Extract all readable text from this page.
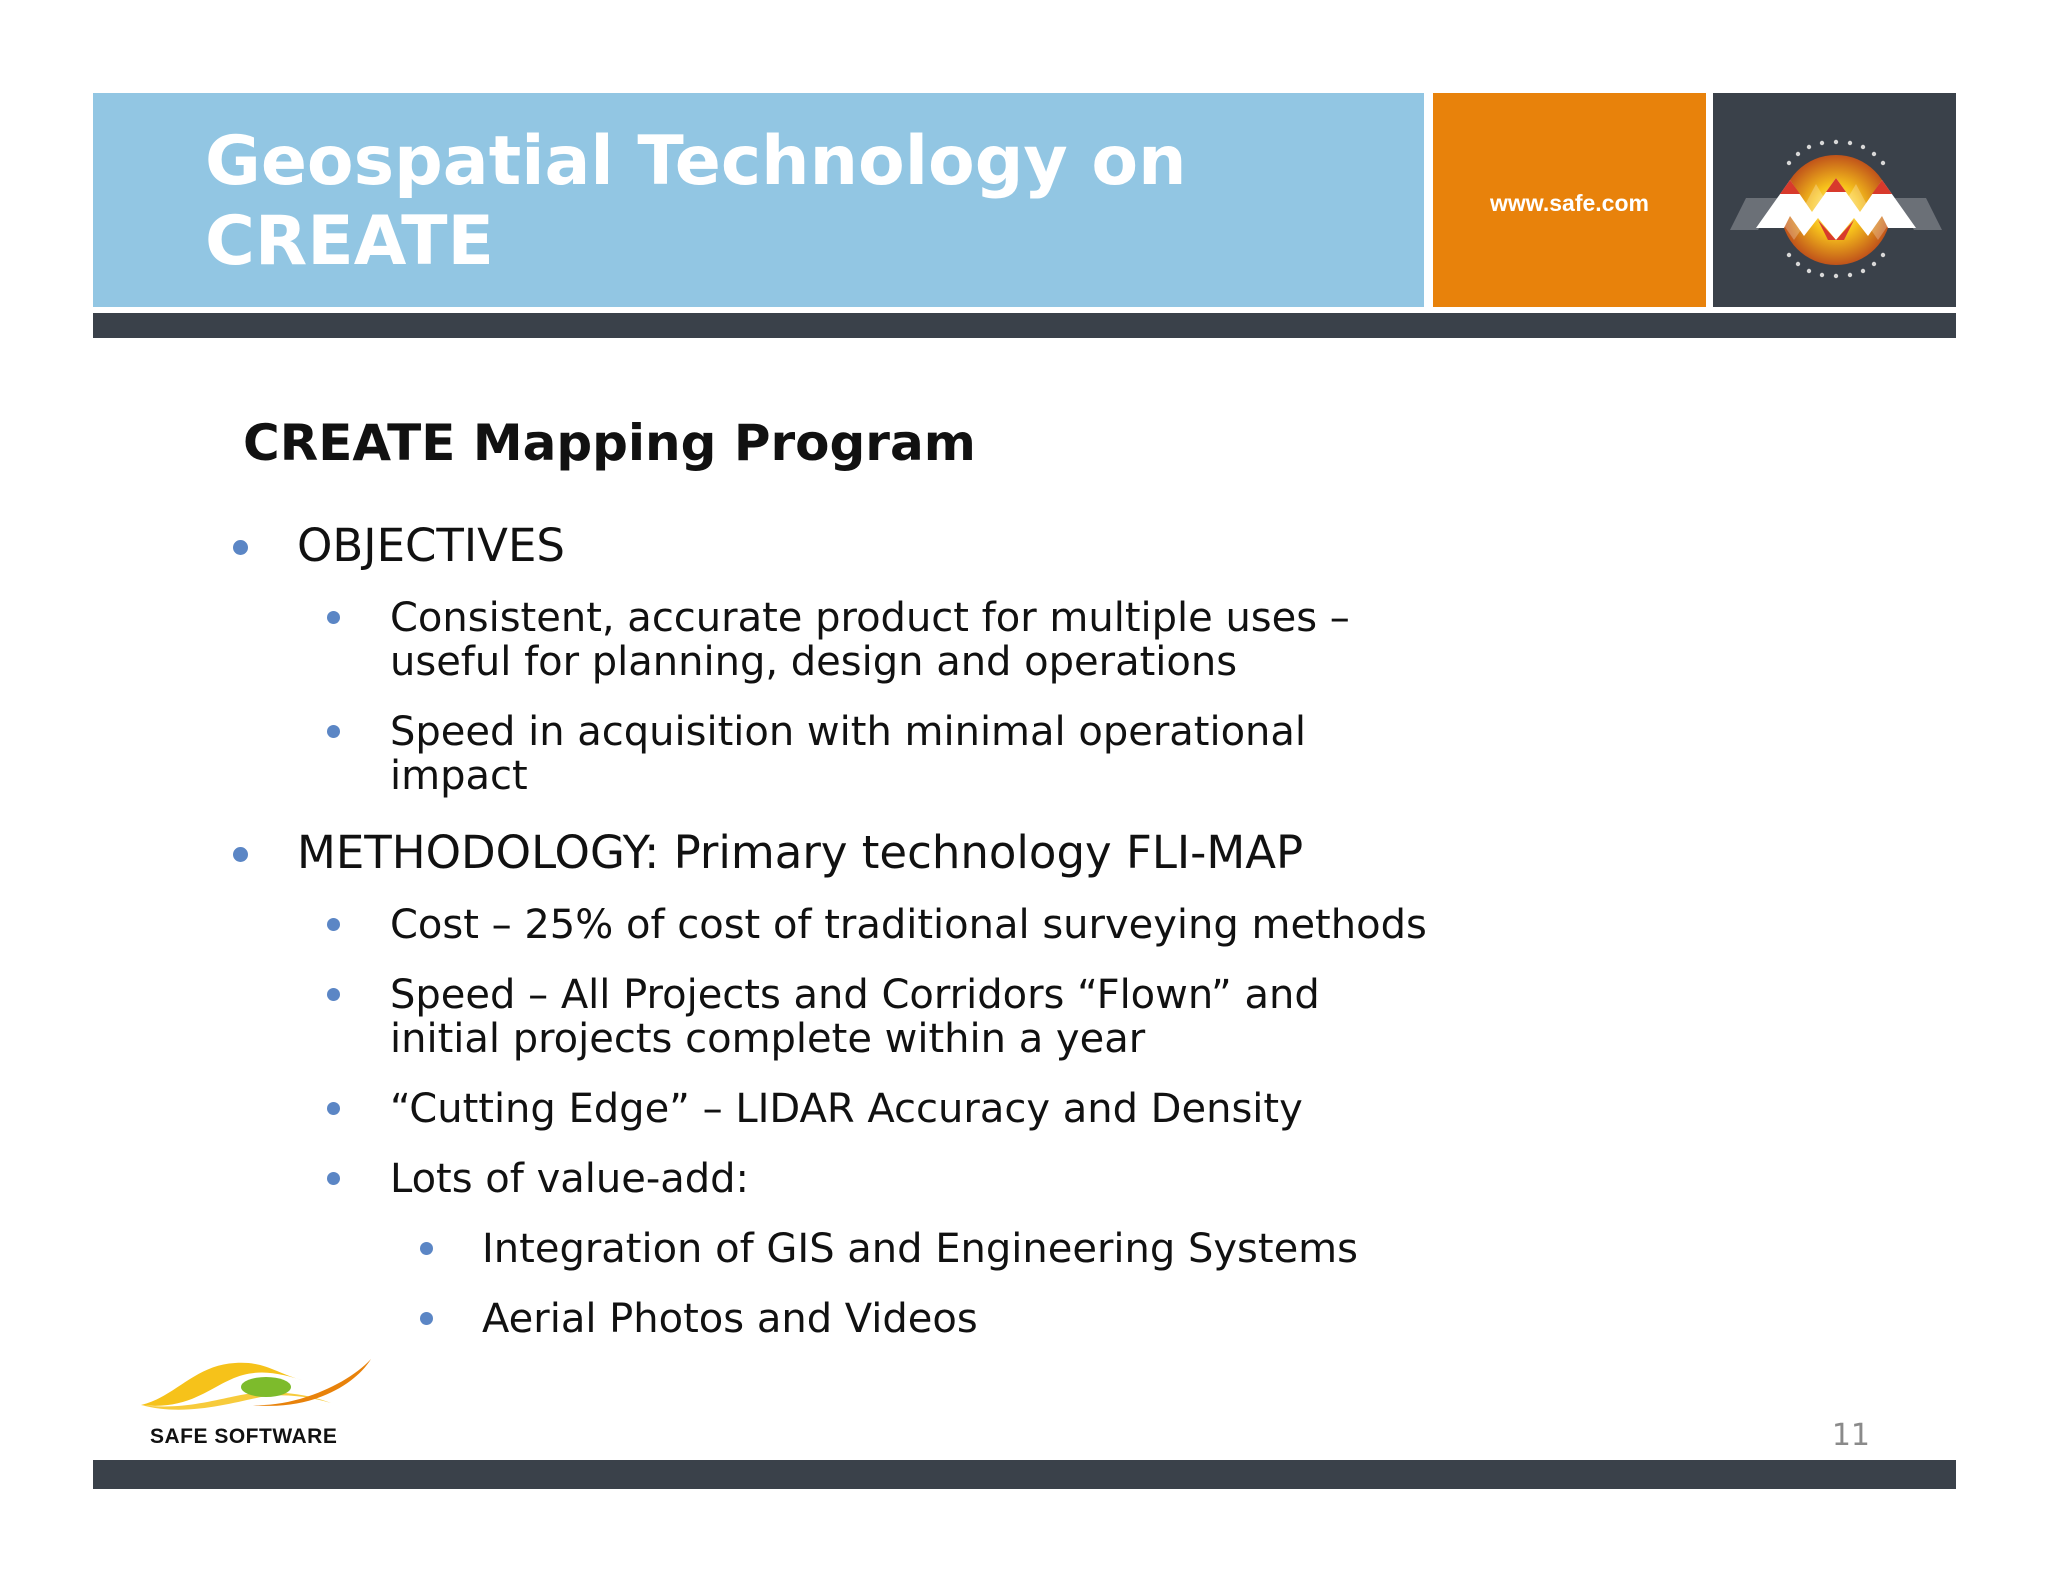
Geospatial Technology on
CREATE	www.safe.com
CREATE Mapping Program
OBJECTIVES
Consistent, accurate product for multiple uses –
useful for planning, design and operations
Speed in acquisition with minimal operational
impact
METHODOLOGY: Primary technology FLI-MAP
Cost – 25% of cost of traditional surveying methods
Speed – All Projects and Corridors “Flown” and
initial projects complete within a year
“Cutting Edge” – LIDAR Accuracy and Density
Lots of value-add:
Integration of GIS and Engineering Systems
Aerial Photos and Videos
SAFE SOFTWARE	11
